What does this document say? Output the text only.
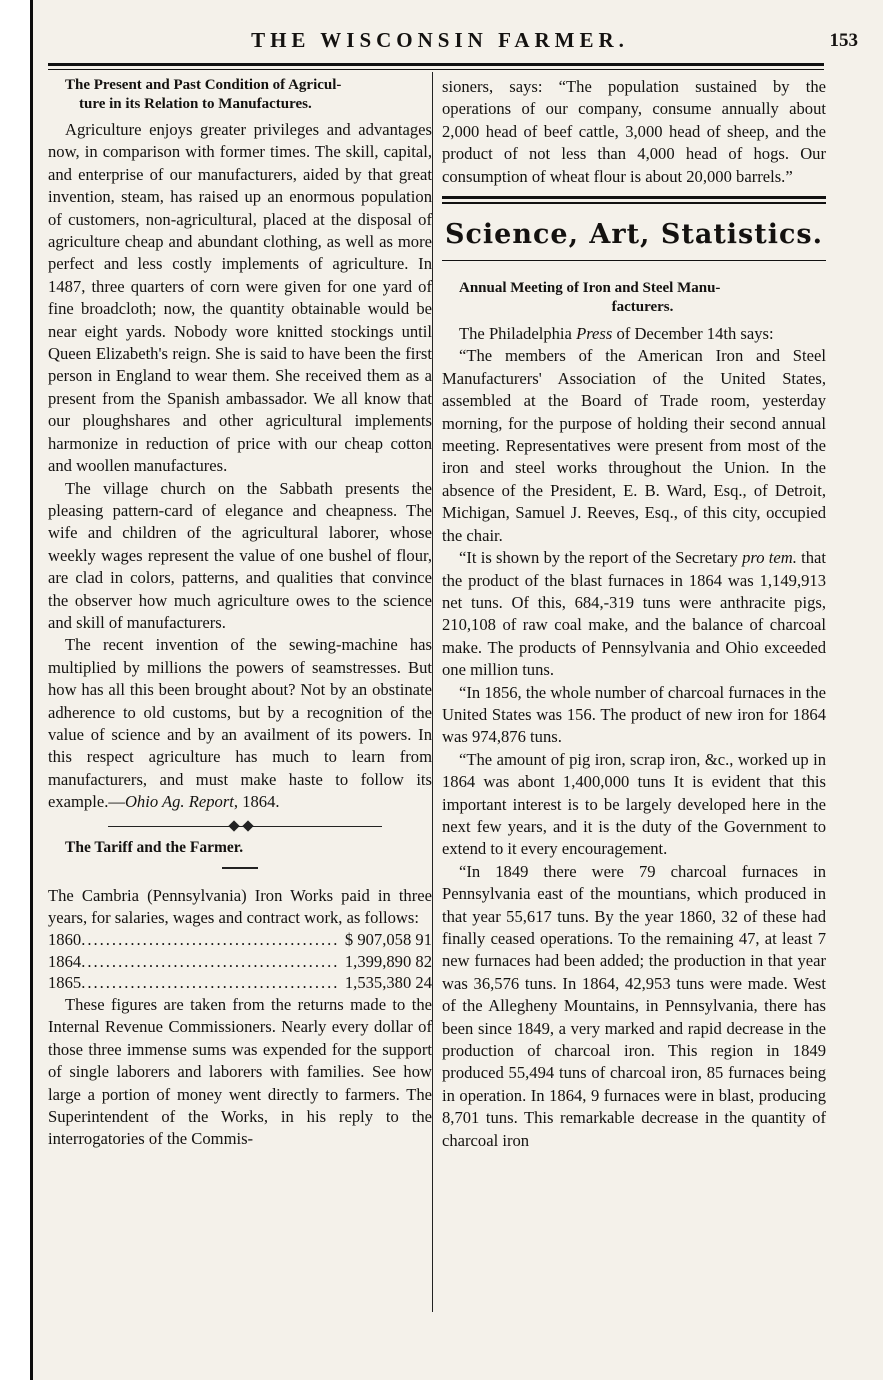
THE WISCONSIN FARMER.	153

The Present and Past Condition of Agricul-
ture in its Relation to Manufactures.

Agriculture enjoys greater privileges and advantages now, in comparison with former times. The skill, capital, and enterprise of our manufacturers, aided by that great invention, steam, has raised up an enormous population of customers, non-agricultural, placed at the disposal of agriculture cheap and abundant clothing, as well as more perfect and less costly implements of agriculture. In 1487, three quarters of corn were given for one yard of fine broadcloth; now, the quantity obtainable would be near eight yards. Nobody wore knitted stockings until Queen Elizabeth's reign. She is said to have been the first person in England to wear them. She received them as a present from the Spanish ambassador. We all know that our ploughshares and other agricultural implements harmonize in reduction of price with our cheap cotton and woollen manufactures.

The village church on the Sabbath presents the pleasing pattern-card of elegance and cheapness. The wife and children of the agricultural laborer, whose weekly wages represent the value of one bushel of flour, are clad in colors, patterns, and qualities that convince the observer how much agriculture owes to the science and skill of manufacturers.

The recent invention of the sewing-machine has multiplied by millions the powers of seamstresses. But how has all this been brought about? Not by an obstinate adherence to old customs, but by a recognition of the value of science and by an availment of its powers. In this respect agriculture has much to learn from manufacturers, and must make haste to follow its example.—Ohio Ag. Report, 1864.

The Tariff and the Farmer.

The Cambria (Pennsylvania) Iron Works paid in three years, for salaries, wages and contract work, as follows:

1860 .......................................... $ 907,058 91
1864 .......................................... 1,399,890 82
1865 .......................................... 1,535,380 24

These figures are taken from the returns made to the Internal Revenue Commissioners. Nearly every dollar of those three immense sums was expended for the support of single laborers and laborers with families. See how large a portion of money went directly to farmers. The Superintendent of the Works, in his reply to the interrogatories of the Commis-

sioners, says: “The population sustained by the operations of our company, consume annually about 2,000 head of beef cattle, 3,000 head of sheep, and the product of not less than 4,000 head of hogs. Our consumption of wheat flour is about 20,000 barrels.”

Science, Art, Statistics.

Annual Meeting of Iron and Steel Manu-
facturers.

The Philadelphia Press of December 14th says:

“The members of the American Iron and Steel Manufacturers' Association of the United States, assembled at the Board of Trade room, yesterday morning, for the purpose of holding their second annual meeting. Representatives were present from most of the iron and steel works throughout the Union. In the absence of the President, E. B. Ward, Esq., of Detroit, Michigan, Samuel J. Reeves, Esq., of this city, occupied the chair.

“It is shown by the report of the Secretary pro tem. that the product of the blast furnaces in 1864 was 1,149,913 net tuns. Of this, 684,-319 tuns were anthracite pigs, 210,108 of raw coal make, and the balance of charcoal make. The products of Pennsylvania and Ohio exceeded one million tuns.

“In 1856, the whole number of charcoal furnaces in the United States was 156. The product of new iron for 1864 was 974,876 tuns.

“The amount of pig iron, scrap iron, &c., worked up in 1864 was abont 1,400,000 tuns It is evident that this important interest is to be largely developed here in the next few years, and it is the duty of the Government to extend to it every encouragement.

“In 1849 there were 79 charcoal furnaces in Pennsylvania east of the mountians, which produced in that year 55,617 tuns. By the year 1860, 32 of these had finally ceased operations. To the remaining 47, at least 7 new furnaces had been added; the production in that year was 36,576 tuns. In 1864, 42,953 tuns were made. West of the Allegheny Mountains, in Pennsylvania, there has been since 1849, a very marked and rapid decrease in the production of charcoal iron. This region in 1849 produced 55,494 tuns of charcoal iron, 85 furnaces being in operation. In 1864, 9 furnaces were in blast, producing 8,701 tuns. This remarkable decrease in the quantity of charcoal iron
